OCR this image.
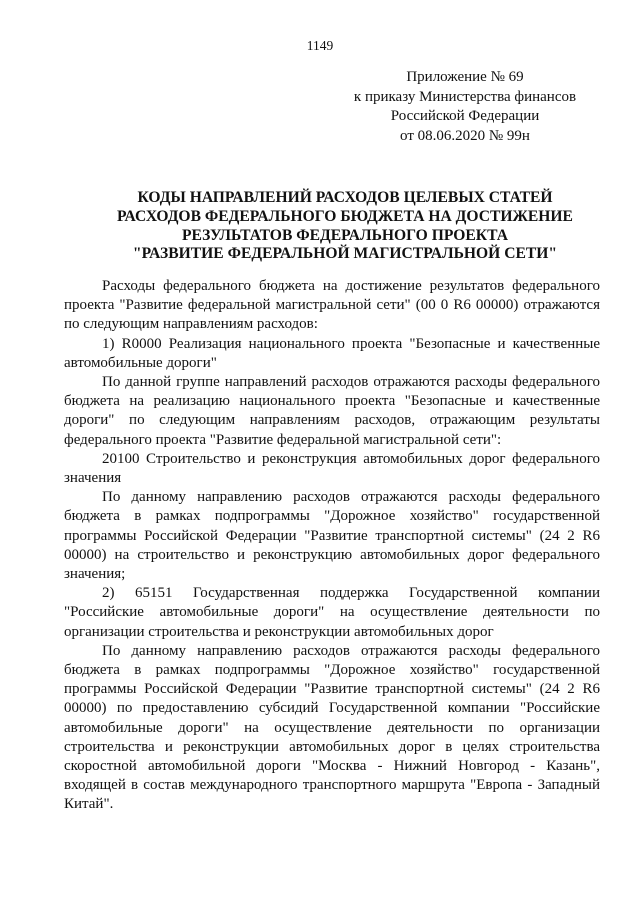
1149
Приложение № 69
к приказу Министерства финансов
Российской Федерации
от 08.06.2020 № 99н
КОДЫ НАПРАВЛЕНИЙ РАСХОДОВ ЦЕЛЕВЫХ СТАТЕЙ
РАСХОДОВ ФЕДЕРАЛЬНОГО БЮДЖЕТА НА ДОСТИЖЕНИЕ
РЕЗУЛЬТАТОВ ФЕДЕРАЛЬНОГО ПРОЕКТА
"РАЗВИТИЕ ФЕДЕРАЛЬНОЙ МАГИСТРАЛЬНОЙ СЕТИ"

Расходы федерального бюджета на достижение результатов федерального проекта "Развитие федеральной магистральной сети" (00 0 R6 00000) отражаются по следующим направлениям расходов:

1) R0000 Реализация национального проекта "Безопасные и качественные автомобильные дороги"

По данной группе направлений расходов отражаются расходы федерального бюджета на реализацию национального проекта "Безопасные и качественные дороги" по следующим направлениям расходов, отражающим результаты федерального проекта "Развитие федеральной магистральной сети":

20100 Строительство и реконструкция автомобильных дорог федерального значения

По данному направлению расходов отражаются расходы федерального бюджета в рамках подпрограммы "Дорожное хозяйство" государственной программы Российской Федерации "Развитие транспортной системы" (24 2 R6 00000) на строительство и реконструкцию автомобильных дорог федерального значения;

2) 65151 Государственная поддержка Государственной компании "Российские автомобильные дороги" на осуществление деятельности по организации строительства и реконструкции автомобильных дорог

По данному направлению расходов отражаются расходы федерального бюджета в рамках подпрограммы "Дорожное хозяйство" государственной программы Российской Федерации "Развитие транспортной системы" (24 2 R6 00000) по предоставлению субсидий Государственной компании "Российские автомобильные дороги" на осуществление деятельности по организации строительства и реконструкции автомобильных дорог в целях строительства скоростной автомобильной дороги "Москва - Нижний Новгород - Казань", входящей в состав международного транспортного маршрута "Европа - Западный Китай".
